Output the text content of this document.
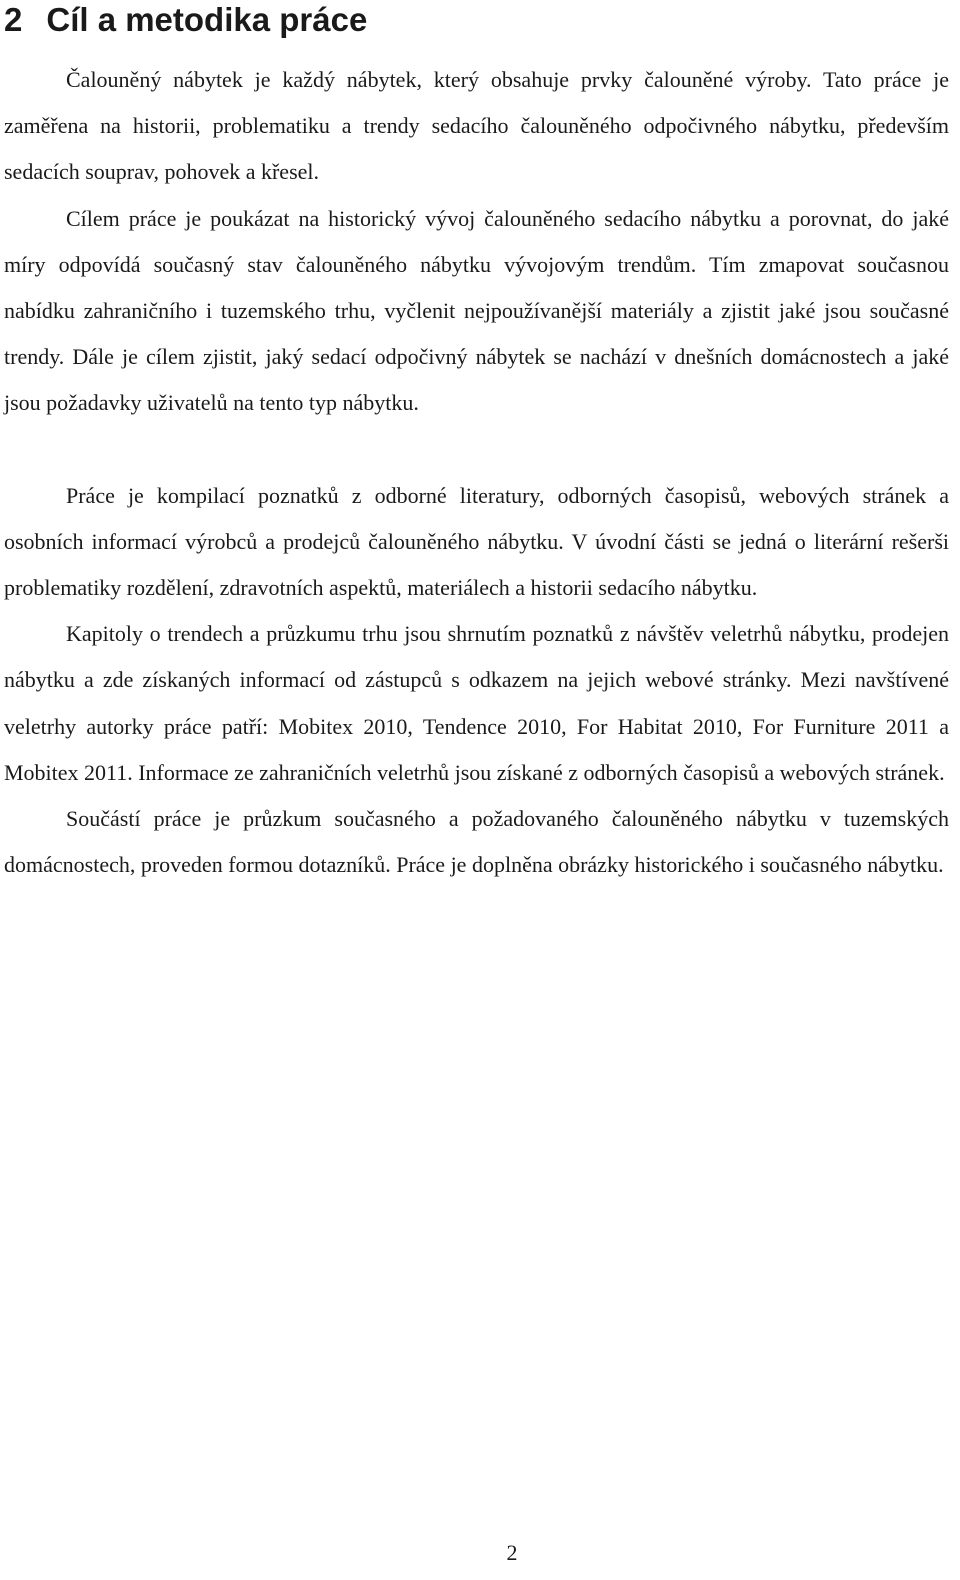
2 Cíl a metodika práce

Čalouněný nábytek je každý nábytek, který obsahuje prvky čalouněné výroby. Tato práce je zaměřena na historii, problematiku a trendy sedacího čalouněného odpočivného nábytku, především sedacích souprav, pohovek a křesel.

Cílem práce je poukázat na historický vývoj čalouněného sedacího nábytku a porovnat, do jaké míry odpovídá současný stav čalouněného nábytku vývojovým trendům. Tím zmapovat současnou nabídku zahraničního i tuzemského trhu, vyčlenit nejpoužívanější materiály a zjistit jaké jsou současné trendy. Dále je cílem zjistit, jaký sedací odpočivný nábytek se nachází v dnešních domácnostech a jaké jsou požadavky uživatelů na tento typ nábytku.

Práce je kompilací poznatků z odborné literatury, odborných časopisů, webových stránek a osobních informací výrobců a prodejců čalouněného nábytku. V úvodní části se jedná o literární rešerši problematiky rozdělení, zdravotních aspektů, materiálech a historii sedacího nábytku.

Kapitoly o trendech a průzkumu trhu jsou shrnutím poznatků z návštěv veletrhů nábytku, prodejen nábytku a zde získaných informací od zástupců s odkazem na jejich webové stránky. Mezi navštívené veletrhy autorky práce patří: Mobitex 2010, Tendence 2010, For Habitat 2010, For Furniture 2011 a Mobitex 2011. Informace ze zahraničních veletrhů jsou získané z odborných časopisů a webových stránek.

Součástí práce je průzkum současného a požadovaného čalouněného nábytku v tuzemských domácnostech, proveden formou dotazníků. Práce je doplněna obrázky historického i současného nábytku.

2
